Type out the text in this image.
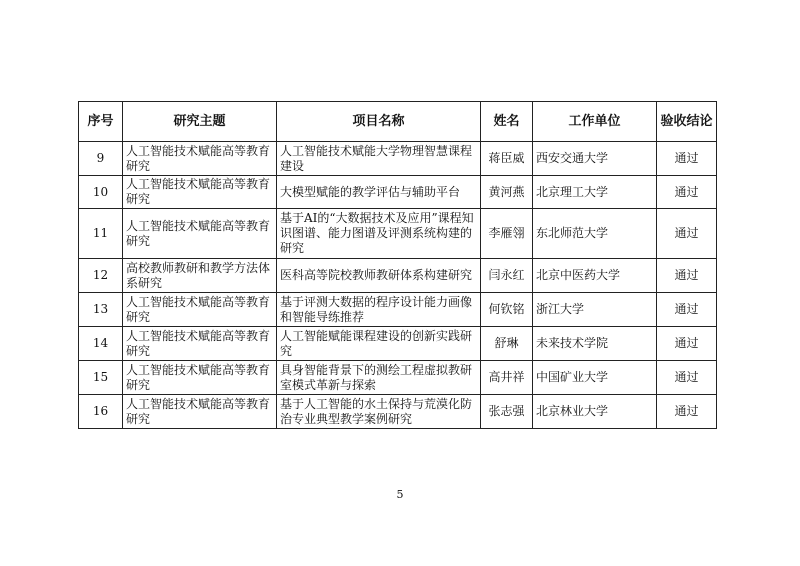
序号	研究主题	项目名称	姓名	工作单位	验收结论
9	人工智能技术赋能高等教育研究	人工智能技术赋能大学物理智慧课程建设	蒋臣威	西安交通大学	通过
10	人工智能技术赋能高等教育研究	大模型赋能的教学评估与辅助平台	黄河燕	北京理工大学	通过
11	人工智能技术赋能高等教育研究	基于AI的“大数据技术及应用”课程知识图谱、能力图谱及评测系统构建的研究	李雁翎	东北师范大学	通过
12	高校教师教研和教学方法体系研究	医科高等院校教师教研体系构建研究	闫永红	北京中医药大学	通过
13	人工智能技术赋能高等教育研究	基于评测大数据的程序设计能力画像和智能导练推荐	何钦铭	浙江大学	通过
14	人工智能技术赋能高等教育研究	人工智能赋能课程建设的创新实践研究	舒琳	未来技术学院	通过
15	人工智能技术赋能高等教育研究	具身智能背景下的测绘工程虚拟教研室模式革新与探索	高井祥	中国矿业大学	通过
16	人工智能技术赋能高等教育研究	基于人工智能的水土保持与荒漠化防治专业典型教学案例研究	张志强	北京林业大学	通过
5
